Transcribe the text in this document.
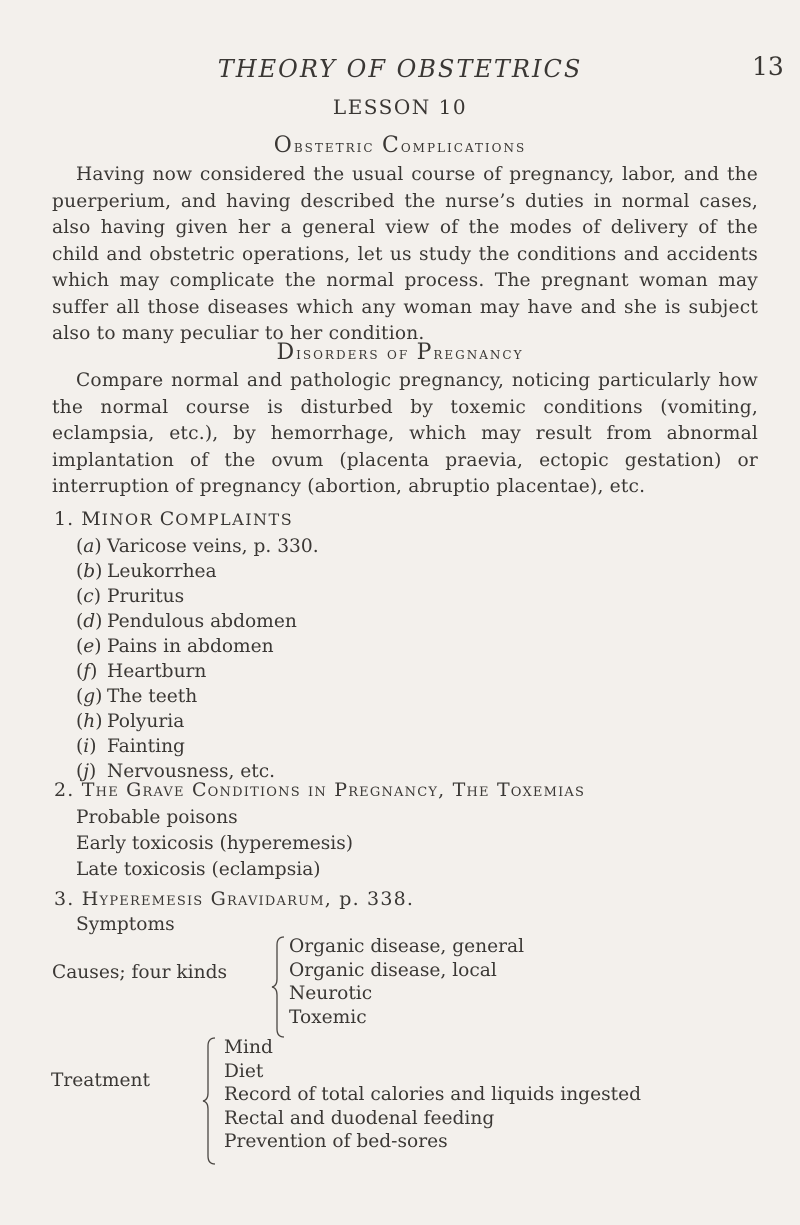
THEORY OF OBSTETRICS	13
LESSON 10
Obstetric Complications
Having now considered the usual course of pregnancy, labor, and the puerperium, and having described the nurse’s duties in normal cases, also having given her a general view of the modes of delivery of the child and obstetric operations, let us study the conditions and accidents which may complicate the normal process. The pregnant woman may suffer all those diseases which any woman may have and she is subject also to many peculiar to her condition.
Disorders of Pregnancy
Compare normal and pathologic pregnancy, noticing particularly how the normal course is disturbed by toxemic conditions (vomiting, eclampsia, etc.), by hemorrhage, which may result from abnormal implantation of the ovum (placenta praevia, ectopic gestation) or interruption of pregnancy (abortion, abruptio placentae), etc.
1. MINOR COMPLAINTS
(a) Varicose veins, p. 330.
(b) Leukorrhea
(c) Pruritus
(d) Pendulous abdomen
(e) Pains in abdomen
(f) Heartburn
(g) The teeth
(h) Polyuria
(i) Fainting
(j) Nervousness, etc.
2. The Grave Conditions in Pregnancy, The Toxemias
Probable poisons
Early toxicosis (hyperemesis)
Late toxicosis (eclampsia)
3. Hyperemesis Gravidarum, p. 338.
Symptoms
Causes; four kinds
Organic disease, general
Organic disease, local
Neurotic
Toxemic
Treatment
Mind
Diet
Record of total calories and liquids ingested
Rectal and duodenal feeding
Prevention of bed-sores
